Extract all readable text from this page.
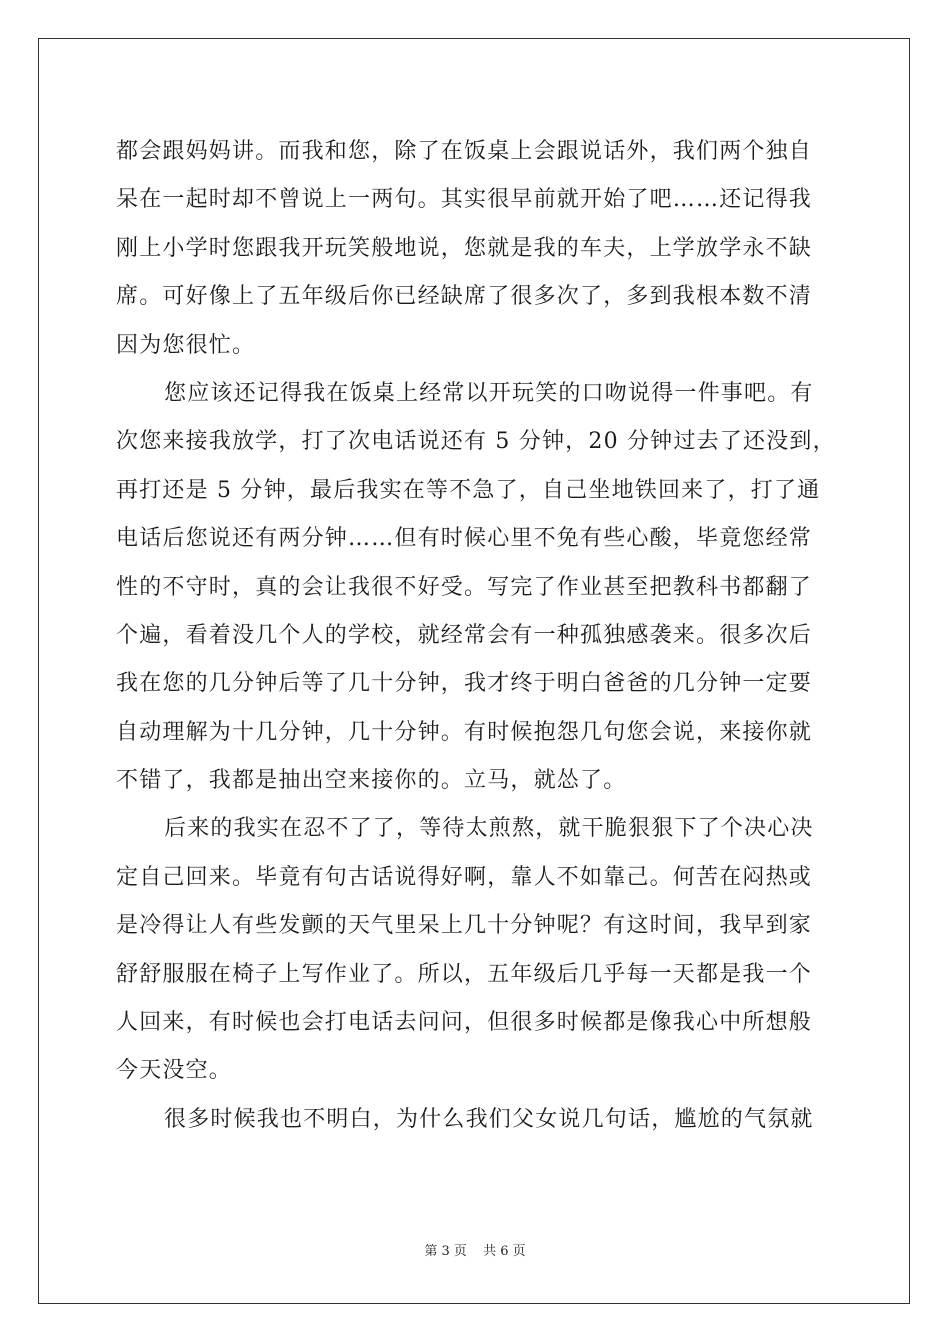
都会跟妈妈讲。而我和您，除了在饭桌上会跟说话外，我们两个独自
呆在一起时却不曾说上一两句。其实很早前就开始了吧……还记得我
刚上小学时您跟我开玩笑般地说，您就是我的车夫，上学放学永不缺
席。可好像上了五年级后你已经缺席了很多次了，多到我根本数不清
因为您很忙。
您应该还记得我在饭桌上经常以开玩笑的口吻说得一件事吧。有
次您来接我放学，打了次电话说还有 5 分钟，20 分钟过去了还没到，
再打还是 5 分钟，最后我实在等不急了，自己坐地铁回来了，打了通
电话后您说还有两分钟……但有时候心里不免有些心酸，毕竟您经常
性的不守时，真的会让我很不好受。写完了作业甚至把教科书都翻了
个遍，看着没几个人的学校，就经常会有一种孤独感袭来。很多次后
我在您的几分钟后等了几十分钟，我才终于明白爸爸的几分钟一定要
自动理解为十几分钟，几十分钟。有时候抱怨几句您会说，来接你就
不错了，我都是抽出空来接你的。立马，就怂了。
后来的我实在忍不了了，等待太煎熬，就干脆狠狠下了个决心决
定自己回来。毕竟有句古话说得好啊，靠人不如靠己。何苦在闷热或
是冷得让人有些发颤的天气里呆上几十分钟呢？有这时间，我早到家
舒舒服服在椅子上写作业了。所以，五年级后几乎每一天都是我一个
人回来，有时候也会打电话去问问，但很多时候都是像我心中所想般
今天没空。
很多时候我也不明白，为什么我们父女说几句话，尴尬的气氛就
第 3 页 共 6 页
